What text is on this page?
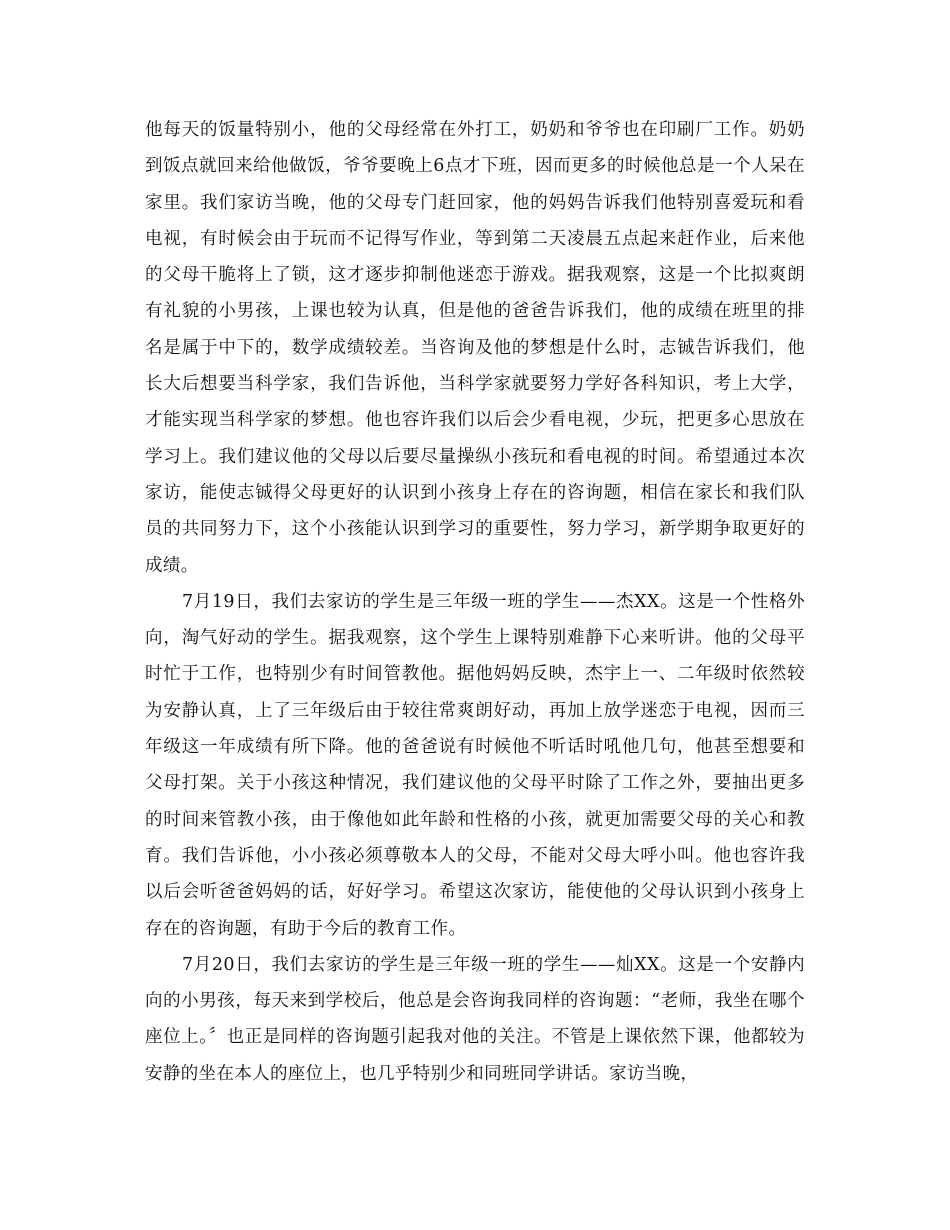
他每天的饭量特别小，他的父母经常在外打工，奶奶和爷爷也在印刷厂工作。奶奶到饭点就回来给他做饭，爷爷要晚上6点才下班，因而更多的时候他总是一个人呆在家里。我们家访当晚，他的父母专门赶回家，他的妈妈告诉我们他特别喜爱玩和看电视，有时候会由于玩而不记得写作业，等到第二天凌晨五点起来赶作业，后来他的父母干脆将上了锁，这才逐步抑制他迷恋于游戏。据我观察，这是一个比拟爽朗有礼貌的小男孩，上课也较为认真，但是他的爸爸告诉我们，他的成绩在班里的排名是属于中下的，数学成绩较差。当咨询及他的梦想是什么时，志铖告诉我们，他长大后想要当科学家，我们告诉他，当科学家就要努力学好各科知识，考上大学，才能实现当科学家的梦想。他也容许我们以后会少看电视，少玩，把更多心思放在学习上。我们建议他的父母以后要尽量操纵小孩玩和看电视的时间。希望通过本次家访，能使志铖得父母更好的认识到小孩身上存在的咨询题，相信在家长和我们队员的共同努力下，这个小孩能认识到学习的重要性，努力学习，新学期争取更好的成绩。

7月19日，我们去家访的学生是三年级一班的学生——杰XX。这是一个性格外向，淘气好动的学生。据我观察，这个学生上课特别难静下心来听讲。他的父母平时忙于工作，也特别少有时间管教他。据他妈妈反映，杰宇上一、二年级时依然较为安静认真，上了三年级后由于较往常爽朗好动，再加上放学迷恋于电视，因而三年级这一年成绩有所下降。他的爸爸说有时候他不听话时吼他几句，他甚至想要和父母打架。关于小孩这种情况，我们建议他的父母平时除了工作之外，要抽出更多的时间来管教小孩，由于像他如此年龄和性格的小孩，就更加需要父母的关心和教育。我们告诉他，小小孩必须尊敬本人的父母，不能对父母大呼小叫。他也容许我以后会听爸爸妈妈的话，好好学习。希望这次家访，能使他的父母认识到小孩身上存在的咨询题，有助于今后的教育工作。

7月20日，我们去家访的学生是三年级一班的学生——灿XX。这是一个安静内向的小男孩，每天来到学校后，他总是会咨询我同样的咨询题：“老师，我坐在哪个座位上。〞也正是同样的咨询题引起我对他的关注。不管是上课依然下课，他都较为安静的坐在本人的座位上，也几乎特别少和同班同学讲话。家访当晚，
